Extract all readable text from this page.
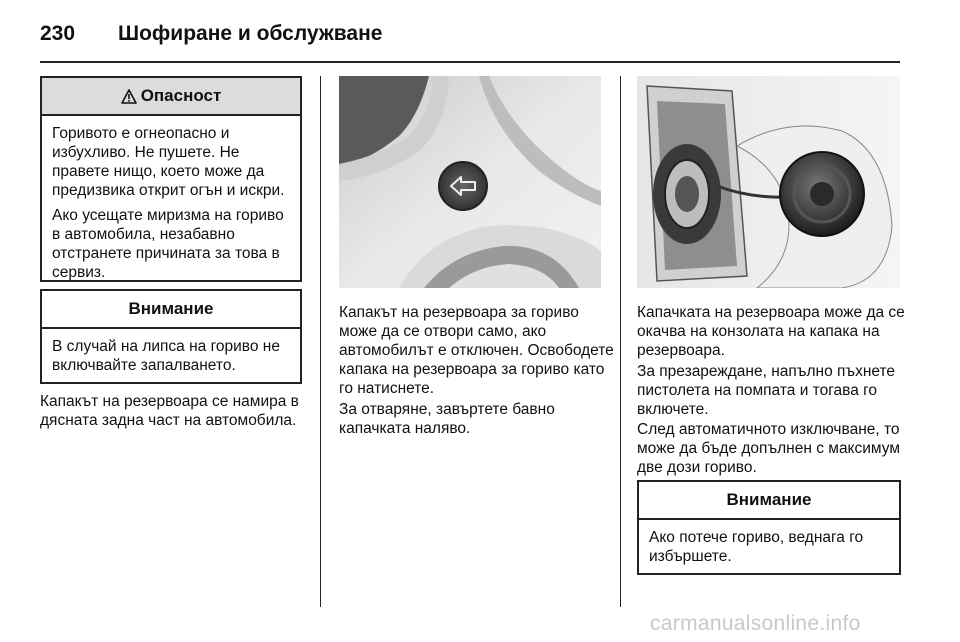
230 Шофиране и обслужване
Опасност

Горивото е огнеопасно и избухливо. Не пушете. Не правете нищо, което може да предизвика открит огън и искри.

Ако усещате миризма на гориво в автомобила, незабавно отстранете причината за това в сервиз.

Внимание

В случай на липса на гориво не включвайте запалването.

Капакът на резервоара се намира в дясната задна част на автомобила.

Капакът на резервоара за гориво може да се отвори само, ако автомобилът е отключен. Освободете капака на резервоара за гориво като го натиснете.

За отваряне, завъртете бавно капачката наляво.

Капачката на резервоара може да се окачва на конзолата на капака на резервоара.

За презареждане, напълно пъхнете пистолета на помпата и тогава го включете.

След автоматичното изключване, то може да бъде допълнен с максимум две дози гориво.

Внимание

Ако потече гориво, веднага го избършете.

carmanualsonline.info
